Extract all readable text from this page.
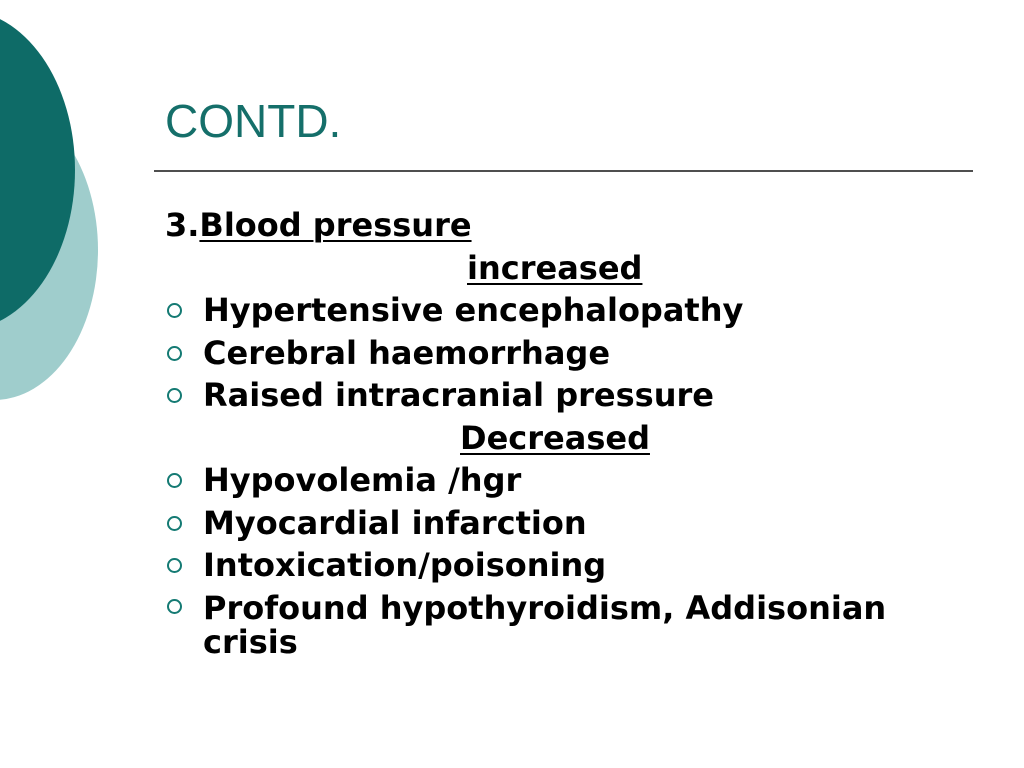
CONTD.
3.Blood pressure
increased
Hypertensive encephalopathy
Cerebral haemorrhage
Raised intracranial pressure
Decreased
Hypovolemia /hgr
Myocardial infarction
Intoxication/poisoning
Profound hypothyroidism, Addisonian crisis
